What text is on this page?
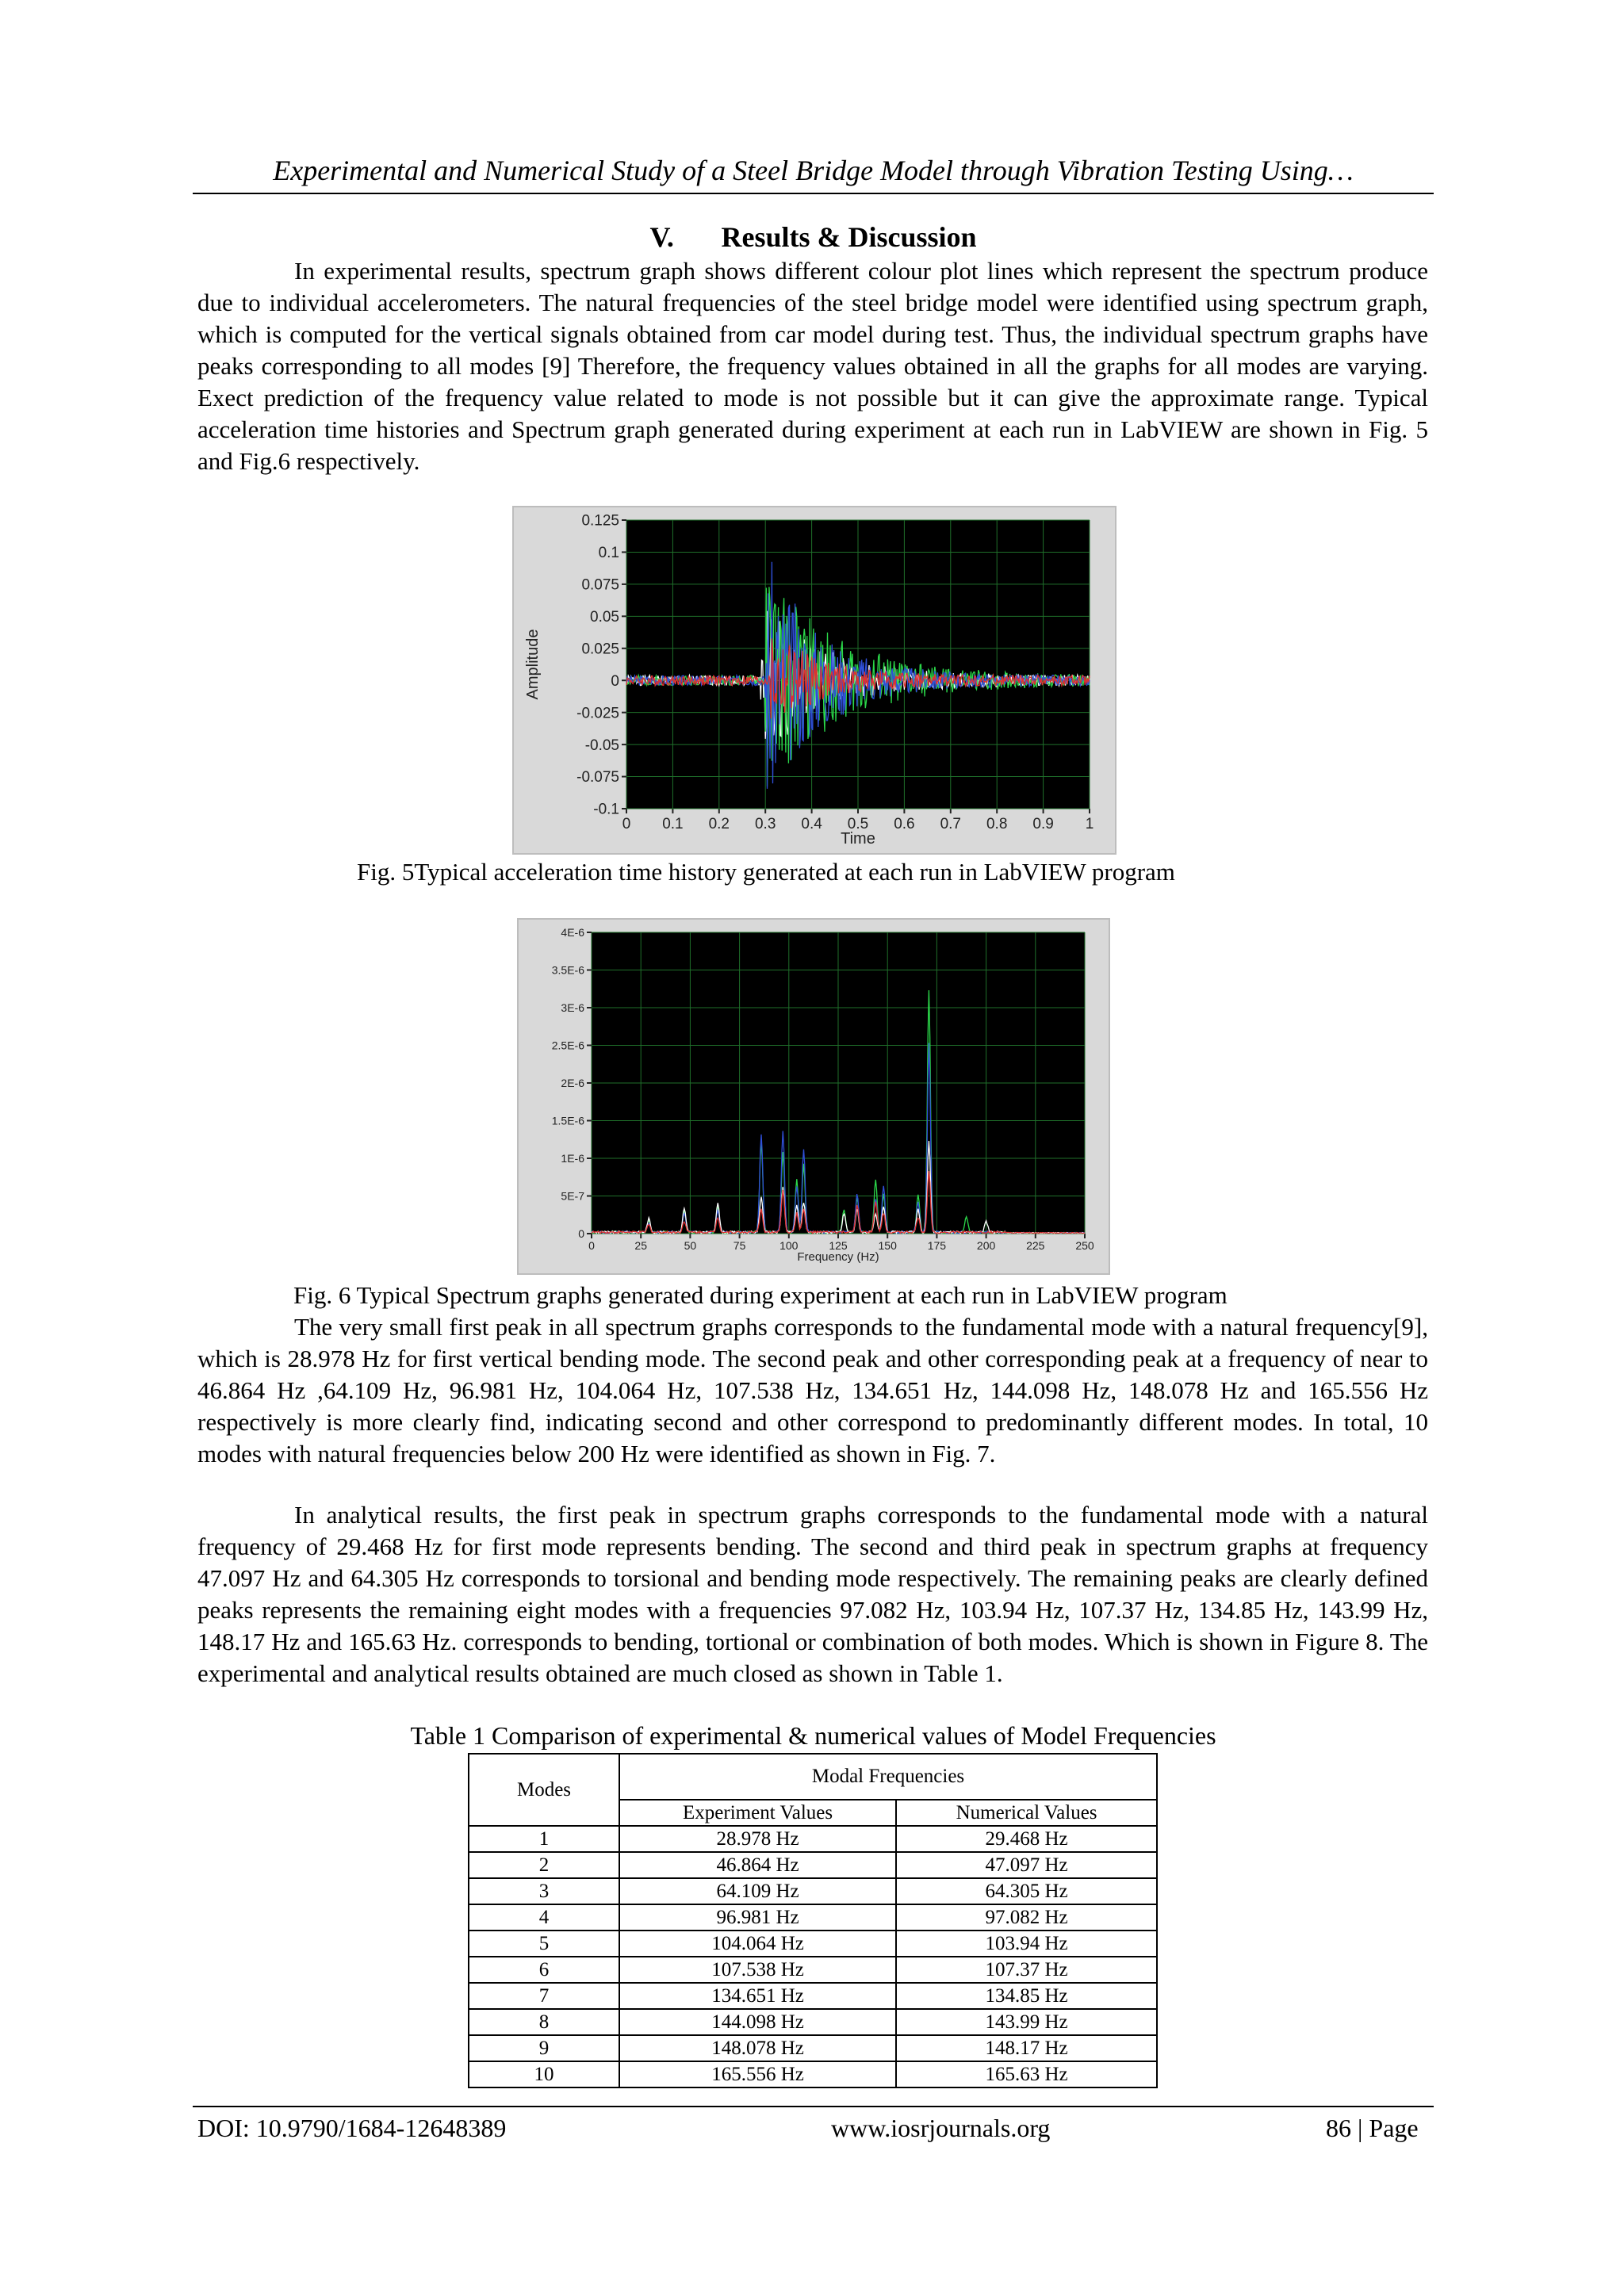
Experimental and Numerical Study of a Steel Bridge Model through Vibration Testing Using…
V. Results & Discussion

In experimental results, spectrum graph shows different colour plot lines which represent the spectrum produce due to individual accelerometers. The natural frequencies of the steel bridge model were identified using spectrum graph, which is computed for the vertical signals obtained from car model during test. Thus, the individual spectrum graphs have peaks corresponding to all modes [9] Therefore, the frequency values obtained in all the graphs for all modes are varying. Exect prediction of the frequency value related to mode is not possible but it can give the approximate range. Typical acceleration time histories and Spectrum graph generated during experiment at each run in LabVIEW are shown in Fig. 5 and Fig.6 respectively.

0 0.1 0.2 0.3 0.4 0.5 0.6 0.7 0.8 0.9 1
0.125
0.1
0.075
0.05
0.025
0
-0.025
-0.05
-0.075
-0.1
Time
Amplitude
Fig. 5Typical acceleration time history generated at each run in LabVIEW program
0	25	50	75	100	125	150	175	200	225	250
4E-6
3.5E-6
3E-6
2.5E-6
2E-6
1.5E-6
1E-6
5E-7
0
Frequency (Hz)
Fig. 6 Typical Spectrum graphs generated during experiment at each run in LabVIEW program

The very small first peak in all spectrum graphs corresponds to the fundamental mode with a natural frequency[9], which is 28.978 Hz for first vertical bending mode. The second peak and other corresponding peak at a frequency of near to 46.864 Hz ,64.109 Hz, 96.981 Hz, 104.064 Hz, 107.538 Hz, 134.651 Hz, 144.098 Hz, 148.078 Hz and 165.556 Hz respectively is more clearly find, indicating second and other correspond to predominantly different modes. In total, 10 modes with natural frequencies below 200 Hz were identified as shown in Fig. 7.

In analytical results, the first peak in spectrum graphs corresponds to the fundamental mode with a natural frequency of 29.468 Hz for first mode represents bending. The second and third peak in spectrum graphs at frequency 47.097 Hz and 64.305 Hz corresponds to torsional and bending mode respectively. The remaining peaks are clearly defined peaks represents the remaining eight modes with a frequencies 97.082 Hz, 103.94 Hz, 107.37 Hz, 134.85 Hz, 143.99 Hz, 148.17 Hz and 165.63 Hz. corresponds to bending, tortional or combination of both modes. Which is shown in Figure 8. The experimental and analytical results obtained are much closed as shown in Table 1.

Table 1 Comparison of experimental & numerical values of Model Frequencies
Modes	Modal Frequencies	
	Experiment Values	Numerical Values
1	28.978 Hz	29.468 Hz
2	46.864 Hz	47.097 Hz
3	64.109 Hz	64.305 Hz
4	96.981 Hz	97.082 Hz
5	104.064 Hz	103.94 Hz
6	107.538 Hz	107.37 Hz
7	134.651 Hz	134.85 Hz
8	144.098 Hz	143.99 Hz
9	148.078 Hz	148.17 Hz
10	165.556 Hz	165.63 Hz
DOI: 10.9790/1684-12648389	www.iosrjournals.org	86 | Page
